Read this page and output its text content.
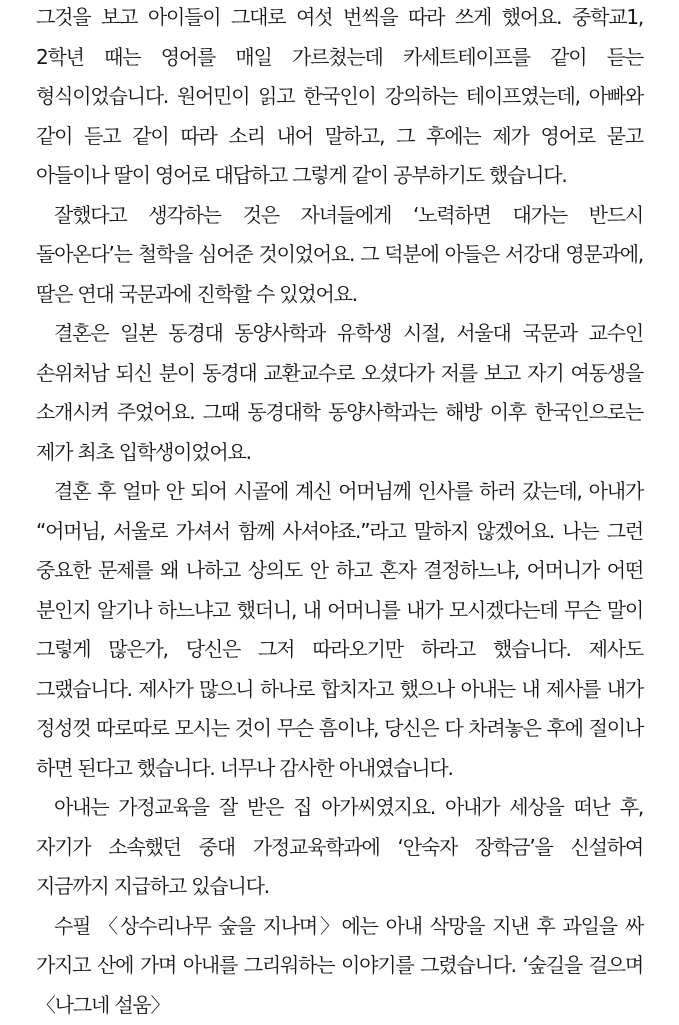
그것을 보고 아이들이 그대로 여섯 번씩을 따라 쓰게 했어요. 중학교1, 2학년 때는 영어를 매일 가르쳤는데 카세트테이프를 같이 듣는 형식이었습니다. 원어민이 읽고 한국인이 강의하는 테이프였는데, 아빠와 같이 듣고 같이 따라 소리 내어 말하고, 그 후에는 제가 영어로 묻고 아들이나 딸이 영어로 대답하고 그렇게 같이 공부하기도 했습니다.

잘했다고 생각하는 것은 자녀들에게 ‘노력하면 대가는 반드시 돌아온다’는 철학을 심어준 것이었어요. 그 덕분에 아들은 서강대 영문과에, 딸은 연대 국문과에 진학할 수 있었어요.

결혼은 일본 동경대 동양사학과 유학생 시절, 서울대 국문과 교수인 손위처남 되신 분이 동경대 교환교수로 오셨다가 저를 보고 자기 여동생을 소개시켜 주었어요. 그때 동경대학 동양사학과는 해방 이후 한국인으로는 제가 최초 입학생이었어요.

결혼 후 얼마 안 되어 시골에 계신 어머님께 인사를 하러 갔는데, 아내가 “어머님, 서울로 가셔서 함께 사셔야죠.”라고 말하지 않겠어요. 나는 그런 중요한 문제를 왜 나하고 상의도 안 하고 혼자 결정하느냐, 어머니가 어떤 분인지 알기나 하느냐고 했더니, 내 어머니를 내가 모시겠다는데 무슨 말이 그렇게 많은가, 당신은 그저 따라오기만 하라고 했습니다. 제사도 그랬습니다. 제사가 많으니 하나로 합치자고 했으나 아내는 내 제사를 내가 정성껏 따로따로 모시는 것이 무슨 흠이냐, 당신은 다 차려놓은 후에 절이나 하면 된다고 했습니다. 너무나 감사한 아내였습니다.

아내는 가정교육을 잘 받은 집 아가씨였지요. 아내가 세상을 떠난 후, 자기가 소속했던 중대 가정교육학과에 ‘안숙자 장학금’을 신설하여 지금까지 지급하고 있습니다.

수필 〈상수리나무 숲을 지나며〉에는 아내 삭망을 지낸 후 과일을 싸 가지고 산에 가며 아내를 그리워하는 이야기를 그렸습니다. ‘숲길을 걸으며 〈나그네 설움〉
